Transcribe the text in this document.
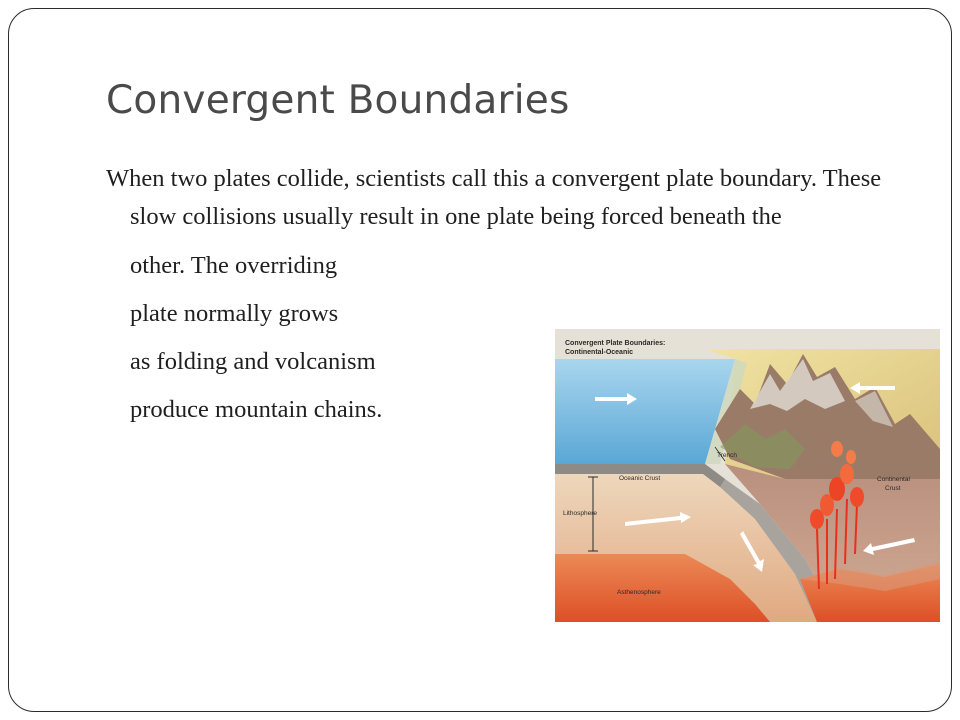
Convergent Boundaries

When two plates collide, scientists call this a convergent plate boundary. These slow collisions usually result in one plate being forced beneath the

other. The overriding

plate normally grows

as folding and volcanism

produce mountain chains.

Convergent Plate Boundaries:
Continental-Oceanic
Trench
Oceanic Crust
Lithosphere
Asthenosphere
Continental
Crust
